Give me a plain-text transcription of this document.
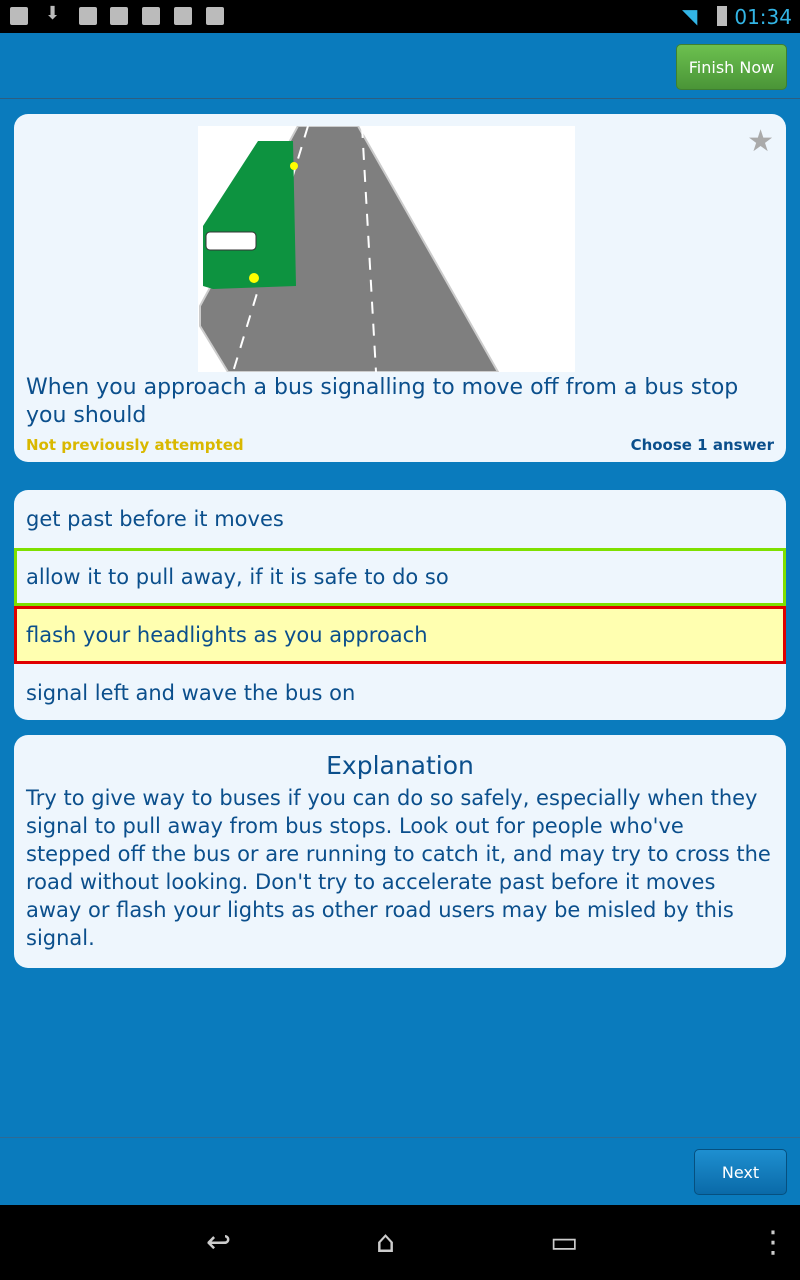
⬇	◥ 01:34
Finish Now
★
When you approach a bus signalling to move off from a bus stop you should
Not previously attempted	Choose 1 answer
get past before it moves
allow it to pull away, if it is safe to do so
flash your headlights as you approach
signal left and wave the bus on
Explanation
Try to give way to buses if you can do so safely, especially when they signal to pull away from bus stops. Look out for people who've stepped off the bus or are running to catch it, and may try to cross the road without looking. Don't try to accelerate past before it moves away or flash your lights as other road users may be misled by this signal.
Next
↩	⌂	▭	⋮
